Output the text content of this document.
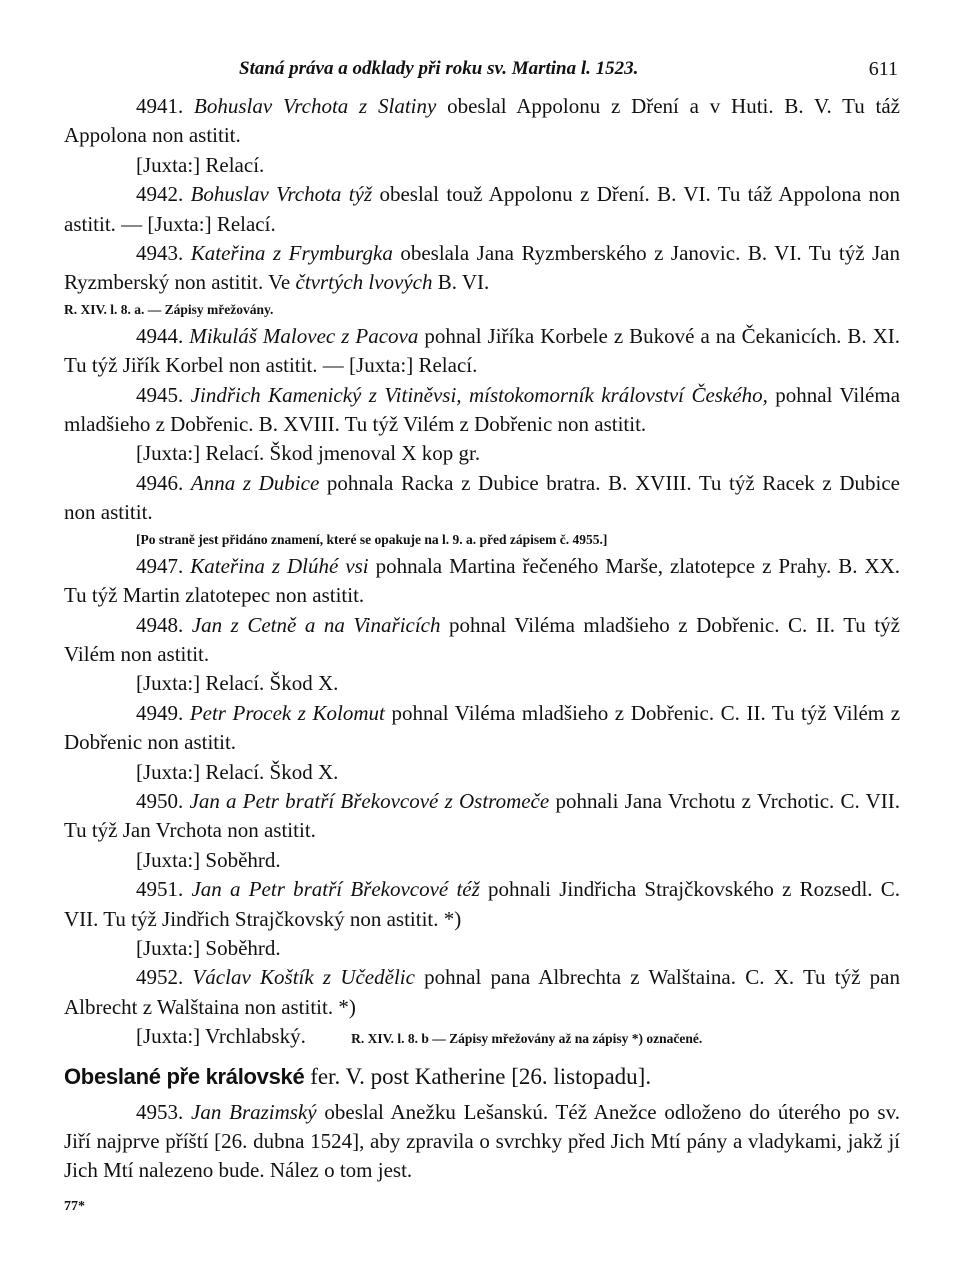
Staná práva a odklady při roku sv. Martina l. 1523.	611

4941. Bohuslav Vrchota z Slatiny obeslal Appolonu z Dření a v Huti. B. V. Tu táž Appolona non astitit.

[Juxta:] Relací.

4942. Bohuslav Vrchota týž obeslal touž Appolonu z Dření. B. VI. Tu táž Appolona non astitit. — [Juxta:] Relací.

4943. Kateřina z Frymburgka obeslala Jana Ryzmberského z Janovic. B. VI. Tu týž Jan Ryzmberský non astitit. Ve čtvrtých lvových B. VI.

R. XIV. l. 8. a. — Zápisy mřežovány.

4944. Mikuláš Malovec z Pacova pohnal Jiříka Korbele z Bukové a na Čekanicích. B. XI. Tu týž Jiřík Korbel non astitit. — [Juxta:] Relací.

4945. Jindřich Kamenický z Vitiněvsi, místokomorník království Českého, pohnal Viléma mladšieho z Dobřenic. B. XVIII. Tu týž Vilém z Dobřenic non astitit.

[Juxta:] Relací. Škod jmenoval X kop gr.

4946. Anna z Dubice pohnala Racka z Dubice bratra. B. XVIII. Tu týž Racek z Dubice non astitit.

[Po straně jest přidáno znamení, které se opakuje na l. 9. a. před zápisem č. 4955.]

4947. Kateřina z Dlúhé vsi pohnala Martina řečeného Marše, zlatotepce z Prahy. B. XX. Tu týž Martin zlatotepec non astitit.

4948. Jan z Cetně a na Vinařicích pohnal Viléma mladšieho z Dobřenic. C. II. Tu týž Vilém non astitit.

[Juxta:] Relací. Škod X.

4949. Petr Procek z Kolomut pohnal Viléma mladšieho z Dobřenic. C. II. Tu týž Vilém z Dobřenic non astitit.

[Juxta:] Relací. Škod X.

4950. Jan a Petr bratří Břekovcové z Ostromeče pohnali Jana Vrchotu z Vrchotic. C. VII. Tu týž Jan Vrchota non astitit.

[Juxta:] Soběhrd.

4951. Jan a Petr bratří Břekovcové též pohnali Jindřicha Strajčkovského z Rozsedl. C. VII. Tu týž Jindřich Strajčkovský non astitit. *)

[Juxta:] Soběhrd.

4952. Václav Koštík z Učedělic pohnal pana Albrechta z Walštaina. C. X. Tu týž pan Albrecht z Walštaina non astitit. *)

[Juxta:] Vrchlabský.	R. XIV. l. 8. b — Zápisy mřežovány až na zápisy *) označené.

Obeslané pře královské fer. V. post Katherine [26. listopadu].

4953. Jan Brazimský obeslal Anežku Lešanskú. Též Anežce odloženo do úterého po sv. Jiří najprve příští [26. dubna 1524], aby zpravila o svrchky před Jich Mtí pány a vladykami, jakž jí Jich Mtí nalezeno bude. Nález o tom jest.

77*
